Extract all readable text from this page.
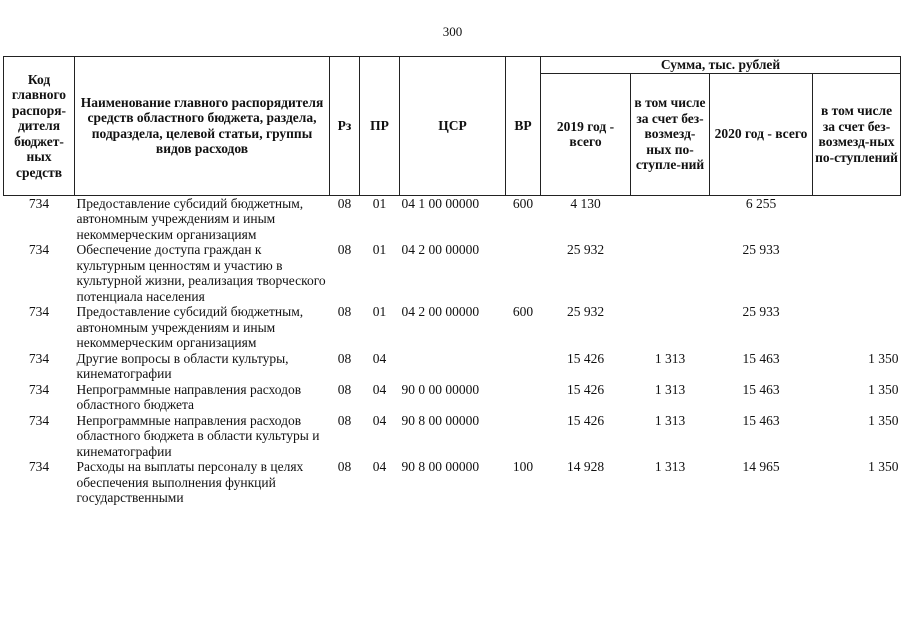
300
Код главного распоря-дителя бюджет-ных средств	Наименование главного распорядителя средств областного бюджета, раздела, подраздела, целевой статьи, группы видов расходов	Рз	ПР	ЦСР	ВР	Сумма, тыс. рублей			
						2019 год - всего	в том числе за счет без-возмезд-ных по-ступле-ний	2020 год - всего	в том числе за счет без-возмезд-ных по-ступлений
734	Предоставление субсидий бюджетным, автономным учреждениям и иным некоммерческим организациям	08	01	04 1 00 00000	600	4 130		6 255	
734	Обеспечение доступа граждан к культурным ценностям и участию в культурной жизни, реализация творческого потенциала населения	08	01	04 2 00 00000		25 932		25 933	
734	Предоставление субсидий бюджетным, автономным учреждениям и иным некоммерческим организациям	08	01	04 2 00 00000	600	25 932		25 933	
734	Другие вопросы в области культуры, кинематографии	08	04			15 426	1 313	15 463	1 350
734	Непрограммные направления расходов областного бюджета	08	04	90 0 00 00000		15 426	1 313	15 463	1 350
734	Непрограммные направления расходов областного бюджета в области культуры и кинематографии	08	04	90 8 00 00000		15 426	1 313	15 463	1 350
734	Расходы на выплаты персоналу в целях обеспечения выполнения функций государственными	08	04	90 8 00 00000	100	14 928	1 313	14 965	1 350
